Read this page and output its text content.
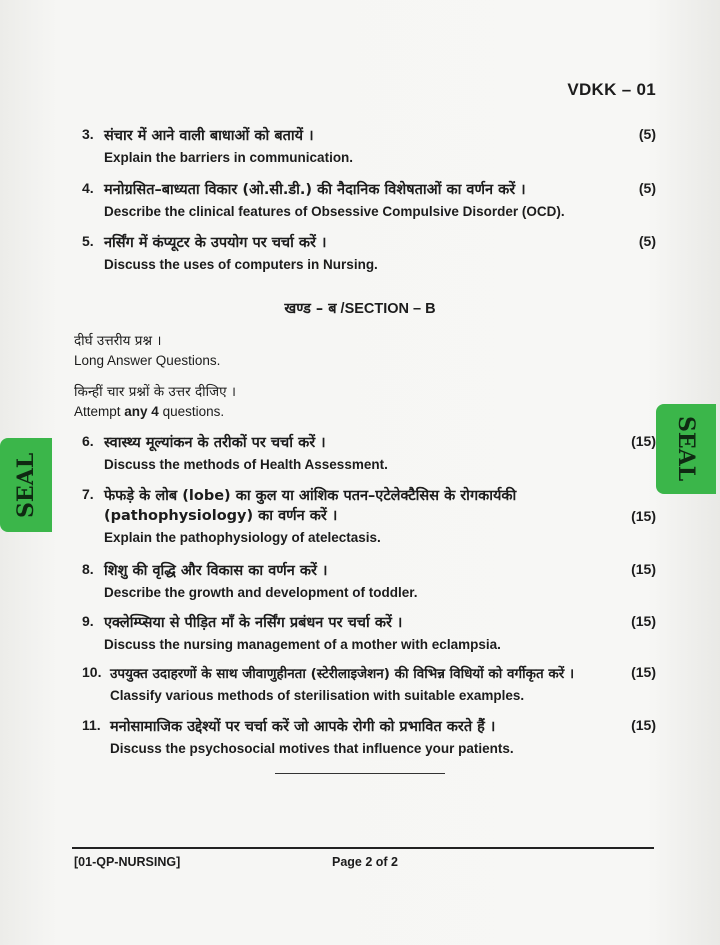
VDKK – 01
3. संचार में आने वाली बाधाओं को बतायें ।
Explain the barriers in communication.
(5)
4. मनोग्रसित–बाध्यता विकार (ओ.सी.डी.) की नैदानिक विशेषताओं का वर्णन करें ।
Describe the clinical features of Obsessive Compulsive Disorder (OCD).
(5)
5. नर्सिंग में कंप्यूटर के उपयोग पर चर्चा करें ।
Discuss the uses of computers in Nursing.
(5)
खण्ड – ब /SECTION – B
दीर्घ उत्तरीय प्रश्न ।
Long Answer Questions.
किन्हीं चार प्रश्नों के उत्तर दीजिए ।
Attempt any 4 questions.
6. स्वास्थ्य मूल्यांकन के तरीकों पर चर्चा करें ।
Discuss the methods of Health Assessment.
(15)
7. फेफड़े के लोब (lobe) का कुल या आंशिक पतन–एटेलेक्टैसिस के रोगकार्यकी (pathophysiology) का वर्णन करें ।
Explain the pathophysiology of atelectasis.
(15)
8. शिशु की वृद्धि और विकास का वर्णन करें ।
Describe the growth and development of toddler.
(15)
9. एक्लेम्प्सिया से पीड़ित माँ के नर्सिंग प्रबंधन पर चर्चा करें ।
Discuss the nursing management of a mother with eclampsia.
(15)
10. उपयुक्त उदाहरणों के साथ जीवाणुहीनता (स्टेरीलाइजेशन) की विभिन्न विधियों को वर्गीकृत करें ।
Classify various methods of sterilisation with suitable examples.
(15)
11. मनोसामाजिक उद्देश्यों पर चर्चा करें जो आपके रोगी को प्रभावित करते हैं ।
Discuss the psychosocial motives that influence your patients.
(15)
SEAL
SEAL
[01-QP-NURSING]	Page 2 of 2
